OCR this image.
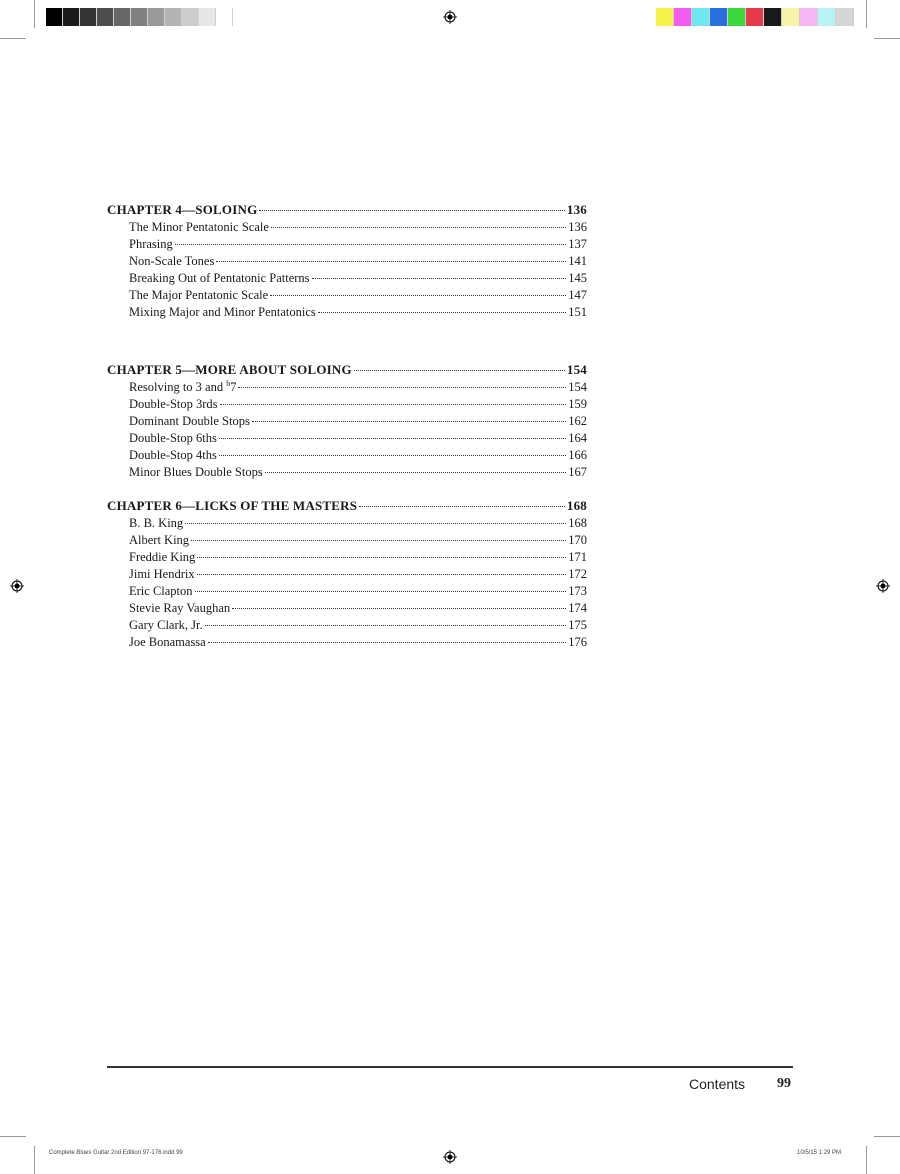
CHAPTER 4—SOLOING	136
The Minor Pentatonic Scale	136
Phrasing	137
Non-Scale Tones	141
Breaking Out of Pentatonic Patterns	145
The Major Pentatonic Scale	147
Mixing Major and Minor Pentatonics	151
CHAPTER 5—MORE ABOUT SOLOING	154
Resolving to 3 and $^b$7	154
Double-Stop 3rds	159
Dominant Double Stops	162
Double-Stop 6ths	164
Double-Stop 4ths	166
Minor Blues Double Stops	167
CHAPTER 6—LICKS OF THE MASTERS	168
B. B. King	168
Albert King	170
Freddie King	171
Jimi Hendrix	172
Eric Clapton	173
Stevie Ray Vaughan	174
Gary Clark, Jr.	175
Joe Bonamassa	176
Contents 99
Complete Blues Guitar 2nd Edition 97-176.indd 99	10/5/15 1:29 PM
